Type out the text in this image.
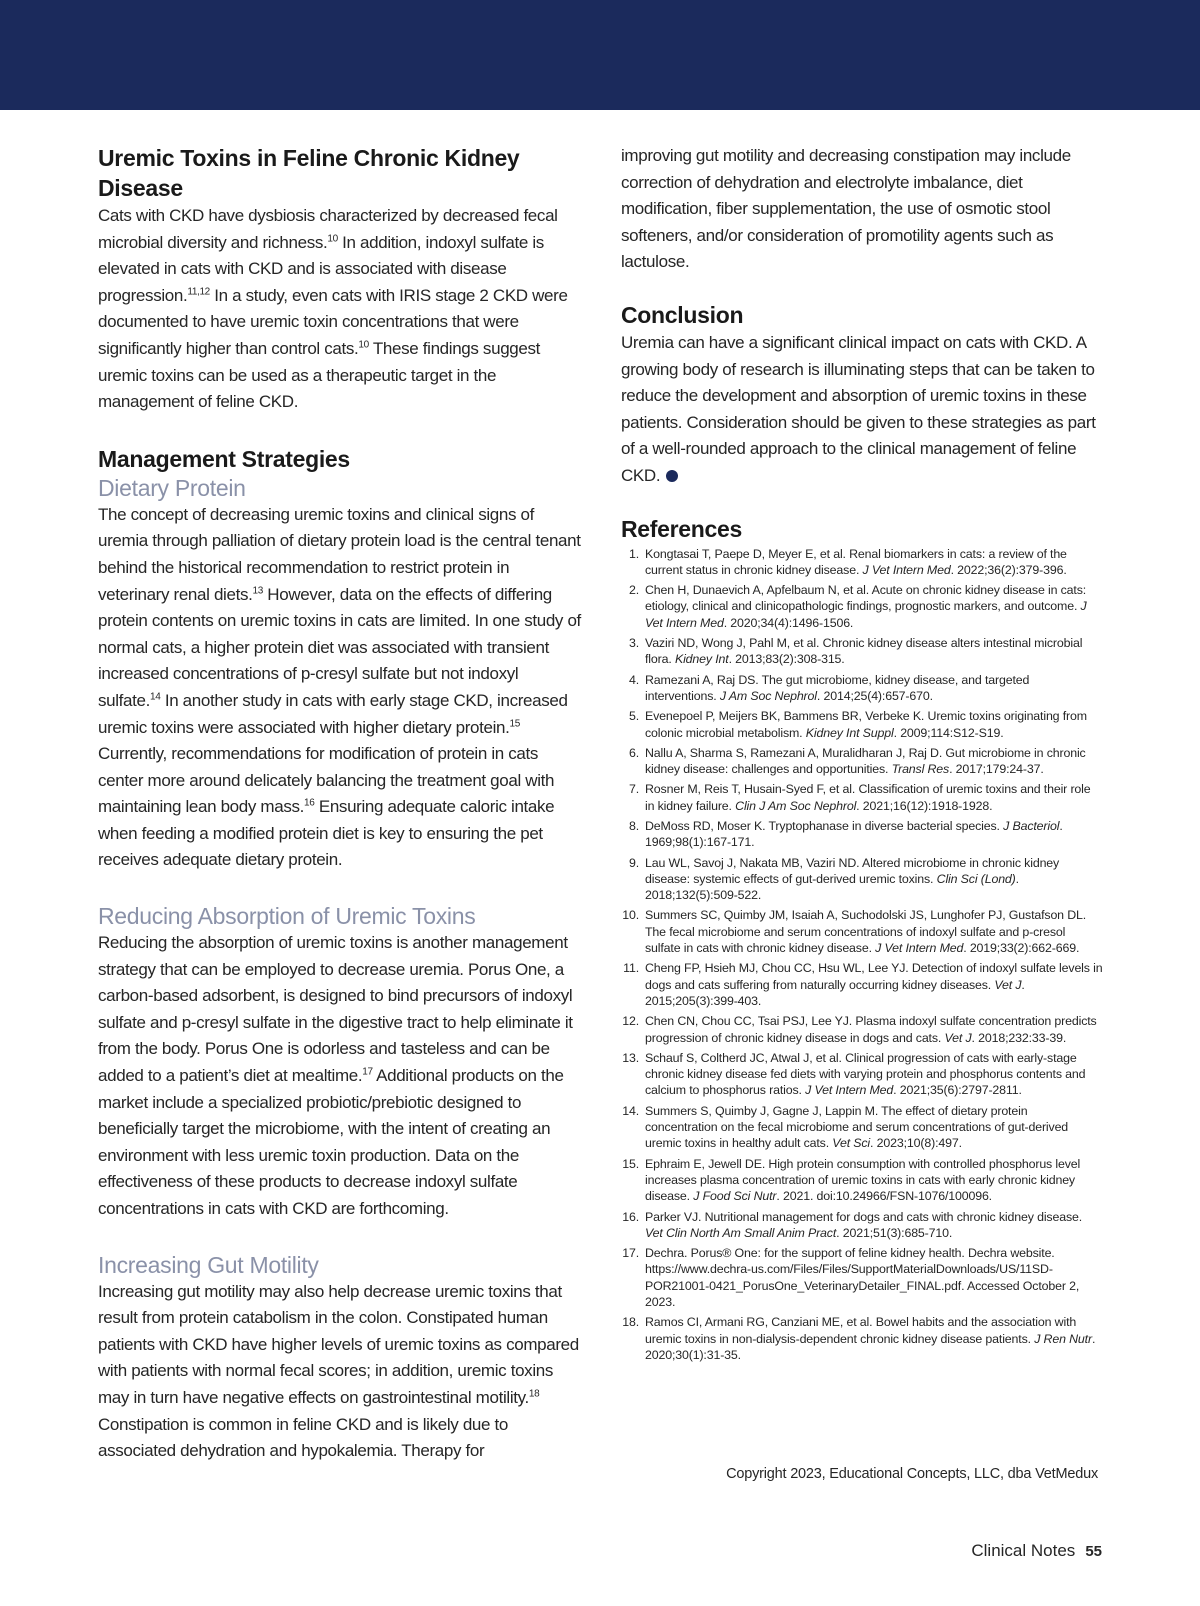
Uremic Toxins in Feline Chronic Kidney Disease

Cats with CKD have dysbiosis characterized by decreased fecal microbial diversity and richness.$^{10}$ In addition, indoxyl sulfate is elevated in cats with CKD and is associated with disease progression.$^{11,12}$ In a study, even cats with IRIS stage 2 CKD were documented to have uremic toxin concentrations that were significantly higher than control cats.$^{10}$ These findings suggest uremic toxins can be used as a therapeutic target in the management of feline CKD.

Management Strategies
Dietary Protein

The concept of decreasing uremic toxins and clinical signs of uremia through palliation of dietary protein load is the central tenant behind the historical recommendation to restrict protein in veterinary renal diets.$^{13}$ However, data on the effects of differing protein contents on uremic toxins in cats are limited. In one study of normal cats, a higher protein diet was associated with transient increased concentrations of p-cresyl sulfate but not indoxyl sulfate.$^{14}$ In another study in cats with early stage CKD, increased uremic toxins were associated with higher dietary protein.$^{15}$ Currently, recommendations for modification of protein in cats center more around delicately balancing the treatment goal with maintaining lean body mass.$^{16}$ Ensuring adequate caloric intake when feeding a modified protein diet is key to ensuring the pet receives adequate dietary protein.

Reducing Absorption of Uremic Toxins

Reducing the absorption of uremic toxins is another management strategy that can be employed to decrease uremia. Porus One, a carbon-based adsorbent, is designed to bind precursors of indoxyl sulfate and p-cresyl sulfate in the digestive tract to help eliminate it from the body. Porus One is odorless and tasteless and can be added to a patient’s diet at mealtime.$^{17}$ Additional products on the market include a specialized probiotic/prebiotic designed to beneficially target the microbiome, with the intent of creating an environment with less uremic toxin production. Data on the effectiveness of these products to decrease indoxyl sulfate concentrations in cats with CKD are forthcoming.

Increasing Gut Motility

Increasing gut motility may also help decrease uremic toxins that result from protein catabolism in the colon. Constipated human patients with CKD have higher levels of uremic toxins as compared with patients with normal fecal scores; in addition, uremic toxins may in turn have negative effects on gastrointestinal motility.$^{18}$ Constipation is common in feline CKD and is likely due to associated dehydration and hypokalemia. Therapy for

improving gut motility and decreasing constipation may include correction of dehydration and electrolyte imbalance, diet modification, fiber supplementation, the use of osmotic stool softeners, and/or consideration of promotility agents such as lactulose.

Conclusion

Uremia can have a significant clinical impact on cats with CKD. A growing body of research is illuminating steps that can be taken to reduce the development and absorption of uremic toxins in these patients. Consideration should be given to these strategies as part of a well-rounded approach to the clinical management of feline CKD.

References
1. Kongtasai T, Paepe D, Meyer E, et al. Renal biomarkers in cats: a review of the current status in chronic kidney disease. J Vet Intern Med. 2022;36(2):379-396.
2. Chen H, Dunaevich A, Apfelbaum N, et al. Acute on chronic kidney disease in cats: etiology, clinical and clinicopathologic findings, prognostic markers, and outcome. J Vet Intern Med. 2020;34(4):1496-1506.
3. Vaziri ND, Wong J, Pahl M, et al. Chronic kidney disease alters intestinal microbial flora. Kidney Int. 2013;83(2):308-315.
4. Ramezani A, Raj DS. The gut microbiome, kidney disease, and targeted interventions. J Am Soc Nephrol. 2014;25(4):657-670.
5. Evenepoel P, Meijers BK, Bammens BR, Verbeke K. Uremic toxins originating from colonic microbial metabolism. Kidney Int Suppl. 2009;114:S12-S19.
6. Nallu A, Sharma S, Ramezani A, Muralidharan J, Raj D. Gut microbiome in chronic kidney disease: challenges and opportunities. Transl Res. 2017;179:24-37.
7. Rosner M, Reis T, Husain-Syed F, et al. Classification of uremic toxins and their role in kidney failure. Clin J Am Soc Nephrol. 2021;16(12):1918-1928.
8. DeMoss RD, Moser K. Tryptophanase in diverse bacterial species. J Bacteriol. 1969;98(1):167-171.
9. Lau WL, Savoj J, Nakata MB, Vaziri ND. Altered microbiome in chronic kidney disease: systemic effects of gut-derived uremic toxins. Clin Sci (Lond). 2018;132(5):509-522.
10. Summers SC, Quimby JM, Isaiah A, Suchodolski JS, Lunghofer PJ, Gustafson DL. The fecal microbiome and serum concentrations of indoxyl sulfate and p-cresol sulfate in cats with chronic kidney disease. J Vet Intern Med. 2019;33(2):662-669.
11. Cheng FP, Hsieh MJ, Chou CC, Hsu WL, Lee YJ. Detection of indoxyl sulfate levels in dogs and cats suffering from naturally occurring kidney diseases. Vet J. 2015;205(3):399-403.
12. Chen CN, Chou CC, Tsai PSJ, Lee YJ. Plasma indoxyl sulfate concentration predicts progression of chronic kidney disease in dogs and cats. Vet J. 2018;232:33-39.
13. Schauf S, Coltherd JC, Atwal J, et al. Clinical progression of cats with early-stage chronic kidney disease fed diets with varying protein and phosphorus contents and calcium to phosphorus ratios. J Vet Intern Med. 2021;35(6):2797-2811.
14. Summers S, Quimby J, Gagne J, Lappin M. The effect of dietary protein concentration on the fecal microbiome and serum concentrations of gut-derived uremic toxins in healthy adult cats. Vet Sci. 2023;10(8):497.
15. Ephraim E, Jewell DE. High protein consumption with controlled phosphorus level increases plasma concentration of uremic toxins in cats with early chronic kidney disease. J Food Sci Nutr. 2021. doi:10.24966/FSN-1076/100096.
16. Parker VJ. Nutritional management for dogs and cats with chronic kidney disease. Vet Clin North Am Small Anim Pract. 2021;51(3):685-710.
17. Dechra. Porus® One: for the support of feline kidney health. Dechra website. https://www.dechra-us.com/Files/Files/SupportMaterialDownloads/US/11SD-POR21001-0421_PorusOne_VeterinaryDetailer_FINAL.pdf. Accessed October 2, 2023.
18. Ramos CI, Armani RG, Canziani ME, et al. Bowel habits and the association with uremic toxins in non-dialysis-dependent chronic kidney disease patients. J Ren Nutr. 2020;30(1):31-35.
Copyright 2023, Educational Concepts, LLC, dba VetMedux
Clinical Notes 55
